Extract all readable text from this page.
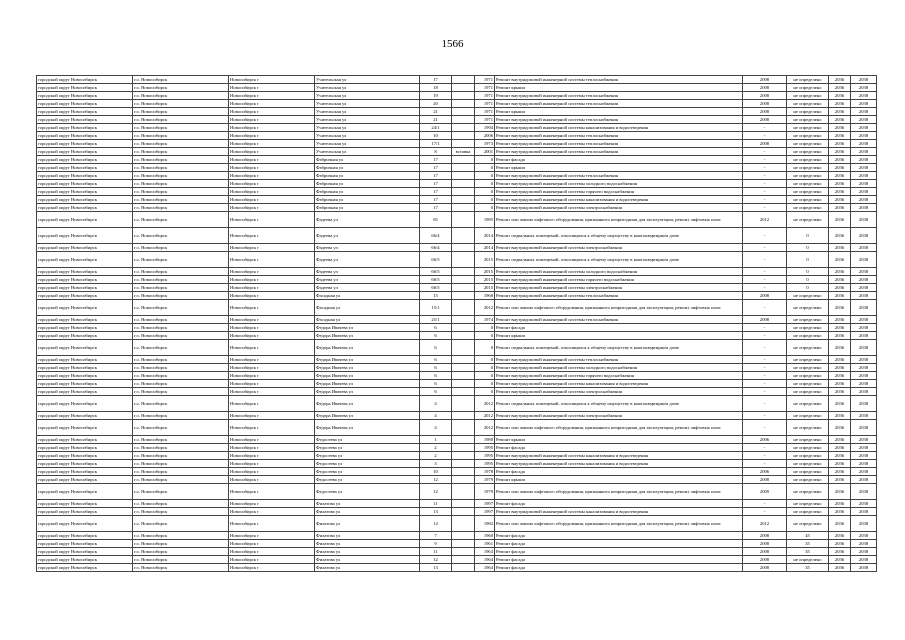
1566
городской округ Новосибирск	г.о. Новосибирск	Новосибирск г	Учительская ул	17		1971	Ремонт внутридомовой инженерной системы теплоснабжения	2008	не определено	2036	2038
городской округ Новосибирск	г.о. Новосибирск	Новосибирск г	Учительская ул	18		1971	Ремонт крыши	2008	не определено	2036	2038
городской округ Новосибирск	г.о. Новосибирск	Новосибирск г	Учительская ул	19		1971	Ремонт внутридомовой инженерной системы теплоснабжения	2008	не определено	2036	2038
городской округ Новосибирск	г.о. Новосибирск	Новосибирск г	Учительская ул	20		1971	Ремонт внутридомовой инженерной системы теплоснабжения	2008	не определено	2036	2038
городской округ Новосибирск	г.о. Новосибирск	Новосибирск г	Учительская ул	21		1971	Ремонт крыши	2008	не определено	2036	2038
городской округ Новосибирск	г.о. Новосибирск	Новосибирск г	Учительская ул	21		1971	Ремонт внутридомовой инженерной системы теплоснабжения	2008	не определено	2036	2038
городской округ Новосибирск	г.о. Новосибирск	Новосибирск г	Учительская ул	24/1		1994	Ремонт внутридомовой инженерной системы канализования и водоотведения	-	не определено	2036	2038
городской округ Новосибирск	г.о. Новосибирск	Новосибирск г	Учительская ул	10		2006	Ремонт внутридомовой инженерной системы теплоснабжения	-	не определено	2036	2038
городской округ Новосибирск	г.о. Новосибирск	Новосибирск г	Учительская ул	17/1		1973	Ремонт внутридомовой инженерной системы теплоснабжения	2008	не определено	2036	2038
городской округ Новосибирск	г.о. Новосибирск	Новосибирск г	Учительская ул	8	вставка	2001	Ремонт внутридомовой инженерной системы теплоснабжения	-	не определено	2036	2038
городской округ Новосибирск	г.о. Новосибирск	Новосибирск г	Фабричная ул	17		0	Ремонт фасада	-	не определено	2036	2038
городской округ Новосибирск	г.о. Новосибирск	Новосибирск г	Фабричная ул	17		0	Ремонт крыши	-	не определено	2036	2038
городской округ Новосибирск	г.о. Новосибирск	Новосибирск г	Фабричная ул	17		0	Ремонт внутридомовой инженерной системы теплоснабжения	-	не определено	2036	2038
городской округ Новосибирск	г.о. Новосибирск	Новосибирск г	Фабричная ул	17		0	Ремонт внутридомовой инженерной системы холодного водоснабжения	-	не определено	2036	2038
городской округ Новосибирск	г.о. Новосибирск	Новосибирск г	Фабричная ул	17		0	Ремонт внутридомовой инженерной системы горячего водоснабжения	-	не определено	2036	2038
городской округ Новосибирск	г.о. Новосибирск	Новосибирск г	Фабричная ул	17		0	Ремонт внутридомовой инженерной системы канализования и водоотведения	-	не определено	2036	2038
городской округ Новосибирск	г.о. Новосибирск	Новосибирск г	Фабричная ул	17		0	Ремонт внутридомовой инженерной системы электроснабжения	-	не определено	2036	2038
городской округ Новосибирск	г.о. Новосибирск	Новосибирск г	Фадеева ул	85		1985	Ремонт или замена лифтового оборудования, признанного непригодным для эксплуатации, ремонт лифтовых шахт	2012	не определено	2036	2038
городской округ Новосибирск	г.о. Новосибирск	Новосибирск г	Фадеева ул	66/4		2014	Ремонт подвальных помещений, относящихся к общему имуществу в многоквартирном доме	-	0	2036	2038
городской округ Новосибирск	г.о. Новосибирск	Новосибирск г	Фадеева ул	66/4		2014	Ремонт внутридомовой инженерной системы электроснабжения	-	0	2036	2038
городской округ Новосибирск	г.о. Новосибирск	Новосибирск г	Фадеева ул	66/5		2015	Ремонт подвальных помещений, относящихся к общему имуществу в многоквартирном доме	-	0	2036	2038
городской округ Новосибирск	г.о. Новосибирск	Новосибирск г	Фадеева ул	66/5		2015	Ремонт внутридомовой инженерной системы холодного водоснабжения	-	0	2036	2038
городской округ Новосибирск	г.о. Новосибирск	Новосибирск г	Фадеева ул	66/5		2015	Ремонт внутридомовой инженерной системы горячего водоснабжения	-	0	2036	2038
городской округ Новосибирск	г.о. Новосибирск	Новосибирск г	Фадеева ул	66/5		2015	Ремонт внутридомовой инженерной системы электроснабжения	-	0	2036	2038
городской округ Новосибирск	г.о. Новосибирск	Новосибирск г	Фасадная ул	15		1968	Ремонт внутридомовой инженерной системы теплоснабжения	2008	не определено	2036	2038
городской округ Новосибирск	г.о. Новосибирск	Новосибирск г	Фасадная ул	15/1		2012	Ремонт или замена лифтового оборудования, признанного непригодным для эксплуатации, ремонт лифтовых шахт	-	не определено	2036	2038
городской округ Новосибирск	г.о. Новосибирск	Новосибирск г	Фасадная ул	25/1		1974	Ремонт внутридомовой инженерной системы теплоснабжения	2008	не определено	2036	2038
городской округ Новосибирск	г.о. Новосибирск	Новосибирск г	Федора Ивачева ул	6		0	Ремонт фасада	-	не определено	2036	2038
городской округ Новосибирск	г.о. Новосибирск	Новосибирск г	Федора Ивачева ул	6		0	Ремонт крыши	-	не определено	2036	2038
городской округ Новосибирск	г.о. Новосибирск	Новосибирск г	Федора Ивачева ул	6		0	Ремонт подвальных помещений, относящихся к общему имуществу в многоквартирном доме	-	не определено	2036	2038
городской округ Новосибирск	г.о. Новосибирск	Новосибирск г	Федора Ивачева ул	6		0	Ремонт внутридомовой инженерной системы теплоснабжения	-	не определено	2036	2038
городской округ Новосибирск	г.о. Новосибирск	Новосибирск г	Федора Ивачева ул	6		0	Ремонт внутридомовой инженерной системы холодного водоснабжения	-	не определено	2036	2038
городской округ Новосибирск	г.о. Новосибирск	Новосибирск г	Федора Ивачева ул	6		0	Ремонт внутридомовой инженерной системы горячего водоснабжения	-	не определено	2036	2038
городской округ Новосибирск	г.о. Новосибирск	Новосибирск г	Федора Ивачева ул	6		0	Ремонт внутридомовой инженерной системы канализования и водоотведения	-	не определено	2036	2038
городской округ Новосибирск	г.о. Новосибирск	Новосибирск г	Федора Ивачева ул	6		0	Ремонт внутридомовой инженерной системы электроснабжения	-	не определено	2036	2038
городской округ Новосибирск	г.о. Новосибирск	Новосибирск г	Федора Ивачева ул	4		2012	Ремонт подвальных помещений, относящихся к общему имуществу в многоквартирном доме	-	не определено	2036	2038
городской округ Новосибирск	г.о. Новосибирск	Новосибирск г	Федора Ивачева ул	4		2012	Ремонт внутридомовой инженерной системы электроснабжения	-	не определено	2036	2038
городской округ Новосибирск	г.о. Новосибирск	Новосибирск г	Федора Ивачева ул	4		2012	Ремонт или замена лифтового оборудования, признанного непригодным для эксплуатации, ремонт лифтовых шахт	-	не определено	2036	2038
городской округ Новосибирск	г.о. Новосибирск	Новосибирск г	Федосеева ул	1		1980	Ремонт крыши	2006	не определено	2036	2038
городской округ Новосибирск	г.о. Новосибирск	Новосибирск г	Федосеева ул	2		1995	Ремонт фасада	-	не определено	2036	2038
городской округ Новосибирск	г.о. Новосибирск	Новосибирск г	Федосеева ул	2		1995	Ремонт внутридомовой инженерной системы канализования и водоотведения	-	не определено	2036	2038
городской округ Новосибирск	г.о. Новосибирск	Новосибирск г	Федосеева ул	3		1995	Ремонт внутридомовой инженерной системы канализования и водоотведения	-	не определено	2036	2038
городской округ Новосибирск	г.о. Новосибирск	Новосибирск г	Федосеева ул	10		1978	Ремонт фасада	2006	не определено	2036	2038
городской округ Новосибирск	г.о. Новосибирск	Новосибирск г	Федосеева ул	12		1979	Ремонт крыши	2008	не определено	2036	2038
городской округ Новосибирск	г.о. Новосибирск	Новосибирск г	Федосеева ул	12		1979	Ремонт или замена лифтового оборудования, признанного непригодным для эксплуатации, ремонт лифтовых шахт	2009	не определено	2036	2038
городской округ Новосибирск	г.о. Новосибирск	Новосибирск г	Филатова ул	11		1997	Ремонт фасада	-	не определено	2036	2038
городской округ Новосибирск	г.о. Новосибирск	Новосибирск г	Филатова ул	13		1997	Ремонт внутридомовой инженерной системы канализования и водоотведения	-	не определено	2036	2038
городской округ Новосибирск	г.о. Новосибирск	Новосибирск г	Филатова ул	14		1982	Ремонт или замена лифтового оборудования, признанного непригодным для эксплуатации, ремонт лифтовых шахт	2012	не определено	2036	2038
городской округ Новосибирск	г.о. Новосибирск	Новосибирск г	Филатова ул	7		1960	Ремонт фасада	2008	45	2036	2038
городской округ Новосибирск	г.о. Новосибирск	Новосибирск г	Филатова ул	9		1961	Ремонт фасада	2008	35	2036	2038
городской округ Новосибирск	г.о. Новосибирск	Новосибирск г	Филатова ул	11		1963	Ремонт фасада	2008	35	2036	2038
городской округ Новосибирск	г.о. Новосибирск	Новосибирск г	Филатова ул	12		1964	Ремонт фасада	2008	не определено	2036	2038
городской округ Новосибирск	г.о. Новосибирск	Новосибирск г	Филатова ул	13		1964	Ремонт фасада	2008	35	2036	2038
